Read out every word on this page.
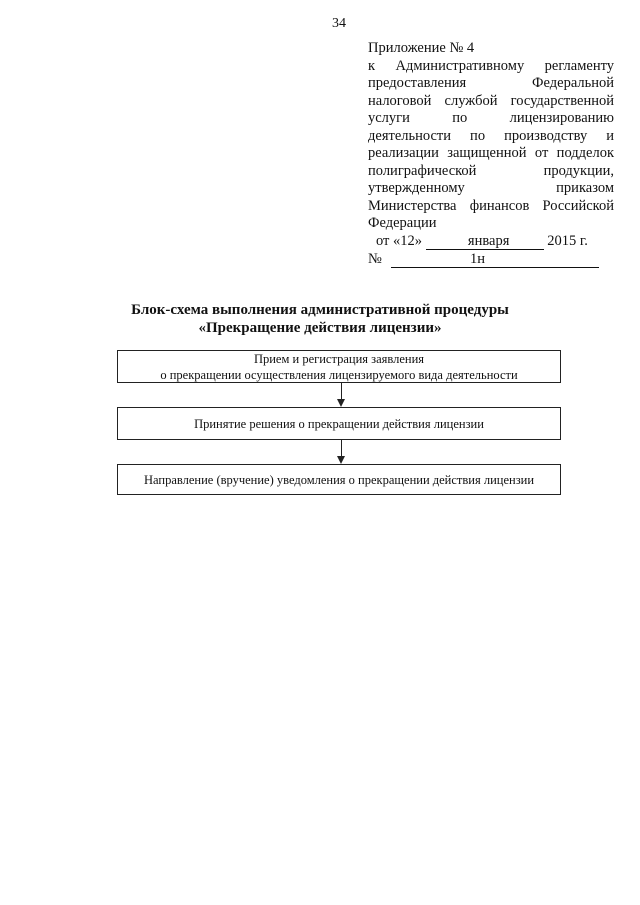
34
Приложение № 4
к Административному регламенту
предоставления Федеральной
налоговой службой государственной
услуги по лицензированию
деятельности по производству и
реализации защищенной от подделок
полиграфической продукции,
утвержденному приказом
Министерства финансов Российской
Федерации
от «12»	января	2015 г.
№	1н
Блок-схема выполнения административной процедуры
«Прекращение действия лицензии»
Прием и регистрация заявления
о прекращении осуществления лицензируемого вида деятельности
Принятие решения о прекращении действия лицензии
Направление (вручение) уведомления о прекращении действия лицензии
